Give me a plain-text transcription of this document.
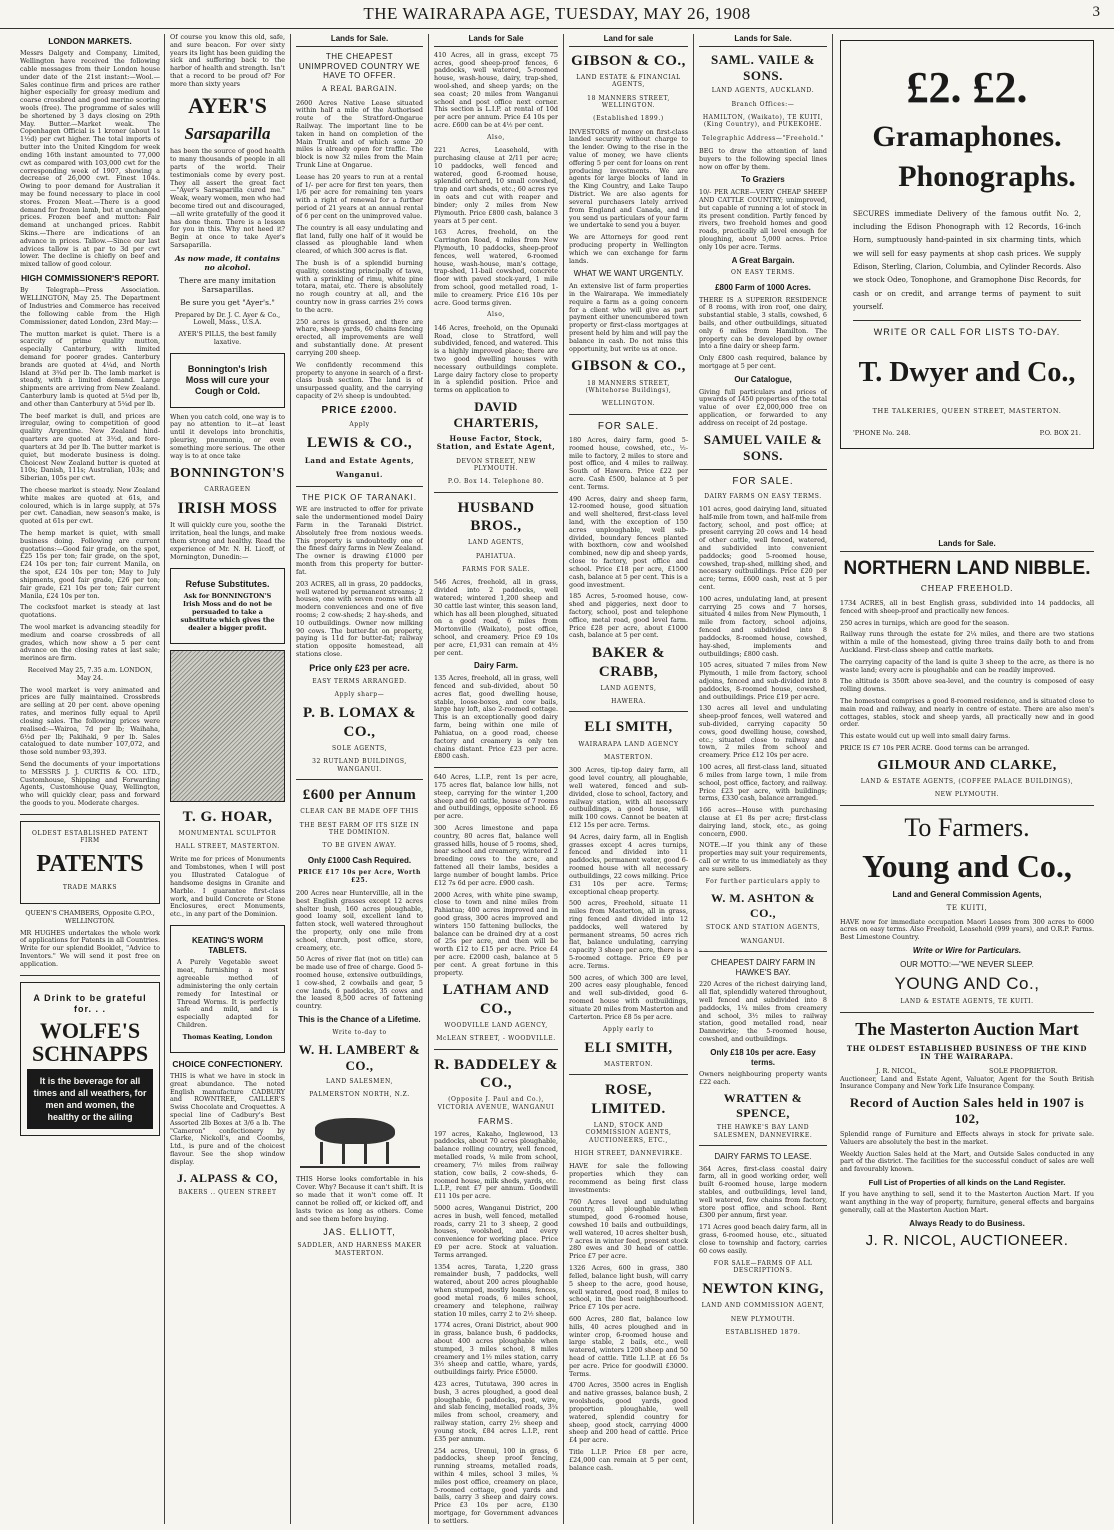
THE WAIRARAPA AGE, TUESDAY, MAY 26, 1908	3
LONDON MARKETS.

Messrs Dalgety and Company, Limited, Wellington have received the following cable messages from their London house under date of the 21st instant:—Wool.—Sales continue firm and prices are rather higher especially for greasy medium and coarse crossbred and good merino scoring wools (free). The programme of sales will be shortened by 3 days closing on 29th May. Butter.—Market weak. The Copenhagen Official is 1 kroner (about 1s 1½d) per cwt higher. The total imports of butter into the United Kingdom for week ending 16th instant amounted to 77,000 cwt as compared with 103,000 cwt for the corresponding week of 1907, showing a decrease of 26,000 cwt. Finest 104s. Owing to poor demand for Australian it may be found necessary to place in cool stores. Frozen Meat.—There is a good demand for frozen lamb, but at unchanged prices. Frozen beef and mutton: Fair demand at unchanged prices. Rabbit Skins.—There are indications of an advance in prices. Tallow.—Since our last advices tallow is at par to 3d per cwt lower. The decline is chiefly on beef and mixed tallow of good colour.

HIGH COMMISSIONER'S REPORT.

By Telegraph—Press Association. WELLINGTON, May 25. The Department of Industries and Commerce has received the following cable from the High Commissioner, dated London, 23rd May:—

The mutton market is quiet. There is a scarcity of prime quality mutton, especially Canterbury, with limited demand for poorer grades. Canterbury brands are quoted at 4¼d, and North Island at 3¾d per lb. The lamb market is steady, with a limited demand. Large shipments are arriving from New Zealand. Canterbury lamb is quoted at 5¼d per lb, and other than Canterbury at 5¼d per lb.

The beef market is dull, and prices are irregular, owing to competition of good quality Argentine. New Zealand hind-quarters are quoted at 3½d, and fore-quarters at 3d per lb. The butter market is quiet, but moderate business is doing. Choicest New Zealand butter is quoted at 110s; Danish, 111s; Australian, 103s; and Siberian, 105s per cwt.

The cheese market is steady. New Zealand white makes are quoted at 61s, and coloured, which is in large supply, at 57s per cwt. Canadian, new season's make, is quoted at 61s per cwt.

The hemp market is quiet, with small business doing. Following are current quotations:—Good fair grade, on the spot, £25 15s per ton; fair grade, on the spot, £24 10s per ton; fair current Manila, on the spot, £24 10s per ton; May to July shipments, good fair grade, £26 per ton; fair grade, £21 10s per ton; fair current Manila, £24 10s per ton.

The cocksfoot market is steady at last quotations.

The wool market is advancing steadily for medium and coarse crossbreds of all grades, which now show a 5 per cent advance on the closing rates at last sale; merinos are firm.

Received May 25, 7.35 a.m. LONDON, May 24.

The wool market is very animated and prices are fully maintained. Crossbreds are selling at 20 per cent. above opening rates, and merinos fully equal to April closing sales. The following prices were realised:—Wairoa, 7d per lb; Waihaha, 6½d per lb; Pakihaki, 9 per lb. Sales catalogued to date number 107,072, and those sold number 93,393.

Send the documents of your importations to MESSRS J. J. CURTIS & CO. LTD., Customhouse, Shipping and Forwarding Agents, Customhouse Quay, Wellington, who will quickly clear, pass and forward the goods to you. Moderate charges.

OLDEST ESTABLISHED PATENT FIRM
PATENTS
TRADE MARKS

QUEEN'S CHAMBERS, Opposite G.P.O., WELLINGTON.

MR HUGHES undertakes the whole work of applications for Patents in all Countries. Write for our splendid Booklet, "Advice to Inventors." We will send it post free on application.

A Drink to be grateful for. . .
WOLFE'S SCHNAPPS
It is the beverage for all times and all weathers, for men and women, the healthy or the ailing

Of course you know this old, safe, and sure beacon. For over sixty years its light has been guiding the sick and suffering back to the harbor of health and strength. Isn't that a record to be proud of? For more than sixty years

AYER'S
Sarsaparilla

has been the source of good health to many thousands of people in all parts of the world. Their testimonials come by every post. They all assert the great fact—"Ayer's Sarsaparilla cured me." Weak, weary women, men who had become tired out and discouraged,—all write gratefully of the good it has done them. There is a lesson for you in this. Why not heed it? Begin at once to take Ayer's Sarsaparilla.

As now made, it contains no alcohol.

There are many imitation Sarsaparillas.

Be sure you get "Ayer's."

Prepared by Dr. J. C. Ayer & Co., Lowell, Mass., U.S.A.

AYER'S PILLS, the best family laxative.

Bonnington's Irish Moss will cure your Cough or Cold.

When you catch cold, one way is to pay no attention to it—at least until it develops into bronchitis, pleurisy, pneumonia, or even something more serious. The other way is to at once take

BONNINGTON'S
CARRAGEEN
IRISH MOSS

It will quickly cure you, soothe the irritation, heal the lungs, and make them strong and healthy. Read the experience of Mr. N. H. Licoff, of Mornington, Dunedin:—

Refuse Substitutes.

Ask for BONNINGTON'S Irish Moss and do not be persuaded to take a substitute which gives the dealer a bigger profit.

T. G. HOAR,
MONUMENTAL SCULPTOR
HALL STREET, MASTERTON.

Write me for prices of Monuments and Tombstones, when I will post you Illustrated Catalogue of handsome designs in Granite and Marble. I guarantee first-class work, and build Concrete or Stone Enclosures, erect Monuments, etc., in any part of the Dominion.

KEATING'S WORM TABLETS.

A Purely Vegetable sweet meat, furnishing a most agreeable method of administering the only certain remedy for Intestinal or Thread Worms. It is perfectly safe and mild, and is especially adapted for Children.

Thomas Keating, London

CHOICE CONFECTIONERY.

THIS is what we have in stock in great abundance. The noted English manufacture CADBURY and ROWNTREE, CAILLER'S Swiss Chocolate and Croquettes. A special line of Cadbury's Best Assorted 2lb Boxes at 3/6 a lb. The "Cameron" confectionery by Clarke, Nickoll's, and Coombs, Ltd., is pure and of the choicest flavour. See the shop window display.

J. ALPASS & CO,
BAKERS .. QUEEN STREET
Lands for Sale.
THE CHEAPEST UNIMPROVED COUNTRY WE HAVE TO OFFER.
A REAL BARGAIN.

2600 Acres Native Lease situated within half a mile of the Authorised route of the Stratford-Ongarue Railway. The important line to be taken in hand on completion of the Main Trunk and of which some 20 miles is already open for traffic. The block is now 32 miles from the Main Trunk Line at Ongarue.

Lease has 20 years to run at a rental of 1/- per acre for first ten years, then 1/6 per acre for remaining ten years with a right of renewal for a further period of 21 years at an annual rental of 6 per cent on the unimproved value.

The country is all easy undulating and flat land, fully one half of it would be classed as ploughable land when cleared, of which 300 acres is flat.

The bush is of a splendid burning quality, consisting principally of tawa, with a sprinkling of rimu, white pine totara, matai, etc. There is absolutely no rough country at all, and the country now in grass carries 2½ cows to the acre.

250 acres is grassed, and there are whare, sheep yards, 60 chains fencing erected, all improvements are well and substantially done. At present carrying 200 sheep.

We confidently recommend this property to anyone in search of a first-class bush section. The land is of unsurpassed quality, and the carrying capacity of 2½ sheep is undoubted.

PRICE £2000.
Apply
LEWIS & CO.,
Land and Estate Agents,
Wanganui.
THE PICK OF TARANAKI.

WE are instructed to offer for private sale the undermentioned model Dairy Farm in the Taranaki District. Absolutely free from noxious weeds. This property is undoubtedly one of the finest dairy farms in New Zealand. The owner is drawing £1000 per month from this property for butter-fat.

203 ACRES, all in grass, 20 paddocks, well watered by permanent streams; 2 houses, one with seven rooms with all modern conveniences and one of five rooms; 2 cow-sheds; 2 hay-sheds, and 10 outbuildings. Owner now milking 90 cows. The butter-fat on property, paying is 11d for butter-fat; railway station opposite homestead, all stations close.

Price only £23 per acre.
EASY TERMS ARRANGED.
Apply sharp—
P. B. LOMAX & CO.,
SOLE AGENTS,
32 RUTLAND BUILDINGS, WANGANUI.
£600 per Annum
CLEAR CAN BE MADE OFF THIS
THE BEST FARM OF ITS SIZE IN THE DOMINION.
TO BE GIVEN AWAY.
Only £1000 Cash Required.
PRICE £17 10s per Acre, Worth £25.

200 Acres near Huntervillle, all in the best English grasses except 12 acres shelter bush, 160 acres ploughable, good loamy soil, excellent land to fatten stock, well watered throughout the property, only one mile from school, church, post office, store, creamery, etc.

50 Acres of river flat (not on title) can be made use of free of charge. Good 5-roomed house, extensive outbuildings, 1 cow-shed, 2 cowbails and gear, 5 cow lands, 6 paddocks, 35 cows and the leased 8,500 acres of fattening country.

This is the Chance of a Lifetime.
Write to-day to
W. H. LAMBERT & CO.,
LAND SALESMEN,
PALMERSTON NORTH, N.Z.

THIS Horse looks comfortable in his Cover. Why? Because it can't shift. It is so made that it won't come off. It cannot be rolled off, or kicked off, and lasts twice as long as others. Come and see them before buying.

JAS. ELLIOTT,
SADDLER, AND HARNESS MAKER MASTERTON.
Lands for Sale

410 Acres, all in grass, except 75 acres, good sheep-proof fences, 6 paddocks, well watered, 5-roomed house, wash-house, dairy, trap-shed, wool-shed, and sheep yards; on the sea coast; 20 miles from Wanganui school and post office next corner. This section is L.I.P. at rental of 10d per acre per annum. Price £4 10s per acre. £600 can be at 4½ per cent.

Also,

221 Acres, Leasehold, with purchasing clause at 2/11 per acre; 10 paddocks, well fenced and watered, good 6-roomed house, splendid orchard, 10 small cowshed, trap and cart sheds, etc.; 60 acres rye in oats and cut with reaper and binder; only 2 miles from New Plymouth. Price £800 cash, balance 3 years at 5 per cent.

163 Acres, freehold, on the Carrington Road, 4 miles from New Plymouth, 10 paddocks, sheep-proof fences, well watered, 6-roomed house, wash-house, man's cottage, trap-shed, 11-bail cowshed, concrete floor with paved stock-yard, 1 mile from school, good metalled road, 1-mile to creamery. Price £16 10s per acre. Good terms given.

Also,

146 Acres, freehold, on the Opunaki Road, close to Stratford, well subdivided, fenced, and watered. This is a highly improved place; there are two good dwelling houses with necessary outbuildings complete. Large dairy factory close to property in a splendid position. Price and terms on application to

DAVID CHARTERIS,
House Factor, Stock, Station, and Estate Agent,
DEVON STREET, NEW PLYMOUTH.
P.O. Box 14. Telephone 80.
HUSBAND BROS.,
LAND AGENTS,
PAHIATUA.
FARMS FOR SALE.

546 Acres, freehold, all in grass, divided into 2 paddocks, well watered; wintered 1,200 sheep and 30 cattle last winter, this season land, which has all been ploughed, situated on a good road, 6 miles from Mortonville (Waikato), post office, school, and creamery. Price £9 10s per acre, £1,931 can remain at 4½ per cent.

Dairy Farm.

135 Acres, freehold, all in grass, well fenced and sub-divided, about 50 acres flat, good dwelling house, stable, loose-boxes, and cow bails, large hay loft, also 2-roomed cottage. This is an exceptionally good dairy farm, being within one mile of Pahiatua, on a good road, cheese factory and creamery is only ten chains distant. Price £23 per acre. £800 cash.

640 Acres, L.I.P., rent 1s per acre, 175 acres flat, balance low hills, not steep, carrying for the winter 1,200 sheep and 60 cattle, house of 7 rooms and outbuildings, opposite school. £6 per acre.

300 Acres limestone and papa country, 80 acres flat, balance well grassed hills, house of 5 rooms, shed, near school and creamery, wintered 2 breeding cows to the acre, and fattened all their lambs, besides a large number of bought lambs. Price £12 7s 6d per acre. £900 cash.

2000 Acres, with white pine swamp, close to town and nine miles from Pahiatua; 400 acres improved and in good grass, 300 acres improved and winters 150 fattening bullocks, the balance can be drained dry at a cost of 25s per acre, and then will be worth £12 to £15 per acre. Price £4 per acre. £2000 cash, balance at 5 per cent. A great fortune in this property.

LATHAM AND CO.,
WOODVILLE LAND AGENCY,
McLEAN STREET, - WOODVILLE.
R. BADDELEY & CO.,
(Opposite J. Paul and Co.), VICTORIA AVENUE, WANGANUI
FARMS.

197 acres, Kakaho, Inglewood, 13 paddocks, about 70 acres ploughable, balance rolling country, well fenced, metalled roads, ¼ mile from school, creamery, 7½ miles from railway station, cow bails, 2 cow-sheds, 6-roomed house, milk sheds, yards, etc. L.I.P., rent £7 per annum. Goodwill £11 10s per acre.

5000 acres, Wanganui District, 200 acres in bush, well fenced, metalled roads, carry 21 to 3 sheep, 2 good houses, woolshed, and every convenience for working place. Price £9 per acre. Stock at valuation. Terms arranged.

1354 acres, Tarata, 1,220 grass remainder bush, 7 paddocks, well watered, about 200 acres ploughable when stumped, mostly loams, fences, good metal roads, 6 miles school, creamery and telephone, railway station 10 miles, carry 2 to 2½ sheep.

1774 acres, Orani District, about 900 in grass, balance bush, 6 paddocks, about 400 acres ploughable when stumped, 3 miles school, 8 miles creamery and 1½ miles station, carry 3½ sheep and cattle, whare, yards, outbuildings fairly. Price £5000.

423 acres, Tututawa, 390 acres in bush, 3 acres ploughed, a good deal ploughable, 6 paddocks, post, wire, and slab fencing, metalled roads, 3¼ miles from school, creamery, and railway station, carry 2½ sheep and young stock, £84 acres L.I.P., rent £35 per annum.

254 acres, Urenui, 100 in grass, 6 paddocks, sheep proof fencing, running streams, metalled roads, within 4 miles, school 3 miles, ¼ miles post office, creamery on place, 5-roomed cottage, good yards and bails, carry 3 sheep and dairy cows. Price £3 10s per acre, £130 mortgage, for Government advances to settlers.

Land for sale
GIBSON & CO.,
LAND ESTATE & FINANCIAL AGENTS,
18 MANNERS STREET, WELLINGTON.
(Established 1899.)

INVESTORS of money on first-class landed security without charge to the lender. Owing to the rise in the value of money, we have clients offering 5 per cent for loans on rent producing investments. We are agents for large blocks of land in the King Country, and Lake Taupo District. We are also agents for several purchasers lately arrived from England and Canada, and if you send us particulars of your farm we undertake to send you a buyer.

We are Attorneys for good rent producing property in Wellington which we can exchange for farm lands.

WHAT WE WANT URGENTLY.

An extensive list of farm properties in the Wairarapa. We immediately require a farm as a going concern for a client who will give as part payment either unencumbered town property or first-class mortgages at present held by him and will pay the balance in cash. Do not miss this opportunity, but write us at once.

GIBSON & CO.,
18 MANNERS STREET, (Whitehorse Buildings),
WELLINGTON.
FOR SALE.

180 Acres, dairy farm, good 5-roomed house, cowshed, etc., ½-mile to factory, 2 miles to store and post office, and 4 miles to railway. South of Hawera. Price £22 per acre. Cash £500, balance at 5 per cent. Terms.

490 Acres, dairy and sheep farm, 12-roomed house, good situation and well sheltered, first-class level land, with the exception of 150 acres unploughable, well sub-divided, boundary fences planted with boxthorn, cow and woolshed combined, new dip and sheep yards, close to factory, post office and school. Price £18 per acre, £1500 cash, balance at 5 per cent. This is a good investment.

185 Acres, 5-roomed house, cow-shed and piggeries, next door to factory, school, post and telephone office, metal road, good level farm. Price £28 per acre, about £1000 cash, balance at 5 per cent.

BAKER & CRABB,
LAND AGENTS,
HAWERA.
ELI SMITH,
WAIRARAPA LAND AGENCY
MASTERTON.

300 Acres, tip-top dairy farm, all good level country, all ploughable, well watered, fenced and sub-divided, close to school, factory, and railway station, with all necessary outbuildings, a good house, will milk 100 cows. Cannot be beaten at £12 15s per acre. Terms.

94 Acres, dairy farm, all in English grasses except 4 acres turnips, fenced and divided into 11 paddocks, permanent water, good 6-roomed house with all necessary outbuildings, 22 cows milking. Price £31 10s per acre. Terms; exceptional cheap property.

500 acres, Freehold, situate 11 miles from Masterton, all in grass, ring fenced and divided into 12 paddocks, well watered by permanent streams, 50 acres rich flat, balance undulating, carrying capacity 3 sheep per acre, there is a 5-roomed cottage. Price £9 per acre. Terms.

500 acres, of which 300 are level, 200 acres easy ploughable, fenced and well sub-divided, good 6-roomed house with outbuildings, situate 20 miles from Masterton and Carterton. Price £8 5s per acre.

Apply early to
ELI SMITH,
MASTERTON.
ROSE, LIMITED.
LAND, STOCK AND COMMISSION AGENTS, AUCTIONEERS, ETC.,
HIGH STREET, DANNEVIRKE.

HAVE for sale the following properties which they can recommend as being first class investments:

760 Acres level and undulating country, all ploughable when stumped, good 6-roomed house, cowshed 10 bails and outbuildings, well watered, 10 acres shelter bush, 7 acres in winter feed, present stock 280 ewes and 30 head of cattle. Price £7 per acre.

1326 Acres, 600 in grass, 380 felled, balance light bush, will carry 5 sheep to the acre, good house, well watered, good road, 8 miles to school, in the best neighbourhood. Price £7 10s per acre.

600 Acres, 280 flat, balance low hills, 40 acres ploughed and in winter crop, 6-roomed house and large stable, 2 bails, etc., well watered, winters 1200 sheep and 50 head of cattle. Title L.I.P. at £6 5s per acre. Price for goodwill £3000. Terms.

4700 Acres, 3500 acres in English and native grasses, balance bush, 2 woolsheds, good yards, good proportion ploughable, well watered, splendid country for sheep, good stock, carrying 4000 sheep and 200 head of cattle. Price £4 per acre.

Title L.I.P. Price £8 per acre, £24,000 can remain at 5 per cent, balance cash.

Lands for Sale.
SAML. VAILE & SONS.
LAND AGENTS, AUCKLAND.
Branch Offices:—
HAMILTON, (Waikato), TE KUITI, (King Country), and PUKEKOHE.
Telegraphic Address—"Freehold."

BEG to draw the attention of land buyers to the following special lines now on offer by them.

To Graziers

10/- PER ACRE—VERY CHEAP SHEEP AND CATTLE COUNTRY; unimproved, but capable of running a lot of stock in its present condition. Partly fenced by rivers, two freehold homes and good roads, practically all level enough for ploughing, about 5,000 acres. Price only 10s per acre. Terms.

A Great Bargain.
ON EASY TERMS.
£800 Farm of 1000 Acres.

THERE IS A SUPERIOR RESIDENCE of 8 rooms, with iron roof, one dairy, substantial stable, 3 stalls, cowshed, 6 bails, and other outbuildings, situated only 6 miles from Hamilton. The property can be developed by owner into a fine dairy or sheep farm.

Only £800 cash required, balance by mortgage at 5 per cent.

Our Catalogue,

Giving full particulars and prices of upwards of 1450 properties of the total value of over £2,000,000 free on application, or forwarded to any address on receipt of 2d postage.

SAMUEL VAILE & SONS.
FOR SALE.
DAIRY FARMS ON EASY TERMS.

101 acres, good dairying land, situated half-mile from town, and half-mile from factory, school, and post office; at present carrying 20 cows and 14 head of other cattle, well fenced, watered, and subdivided into convenient paddocks; good 5-roomed house, cowshed, trap-shed, milking shed, and necessary outbuildings. Price £20 per acre; terms, £600 cash, rest at 5 per cent.

100 acres, undulating land, at present carrying 25 cows and 7 horses, situated 4 miles from New Plymouth, 1 mile from factory, school adjoins, fenced and subdivided into 8 paddocks, 8-roomed house, cowshed, hay-shed, implements and outbuildings; £800 cash.

105 acres, situated 7 miles from New Plymouth, 1 mile from factory, school adjoins, fenced and sub-divided into 8 paddocks, 8-roomed house, cowshed, and outbuildings. Price £19 per acre.

130 acres all level and undulating sheep-proof fences, well watered and sub-divided, carrying capacity 50 cows, good dwelling house, cowshed, etc.; situated close to railway and town, 2 miles from school and creamery. Price £12 10s per acre.

100 acres, all first-class land, situated 6 miles from large town, 1 mile from school, post office, factory, and railway. Price £23 per acre, with buildings; terms, £330 cash, balance arranged.

166 acres—House with purchasing clause at £1 8s per acre; first-class dairying land, stock, etc., as going concern, £900.

NOTE.—If you think any of these properties may suit your requirements, call or write to us immediately as they are sure sellers.

For further particulars apply to
W. M. ASHTON & CO.,
STOCK AND STATION AGENTS,
WANGANUI.
CHEAPEST DAIRY FARM IN HAWKE'S BAY.

220 Acres of the richest dairying land, all flat, splendidly watered throughout, well fenced and subdivided into 8 paddocks, 1¼ miles from creamery and school, 3½ miles to railway station, good metalled road, near Dannevirke; the 5-roomed house, cowshed, and outbuildings.

Only £18 10s per acre. Easy terms.

Owners neighbouring property wants £22 each.

WRATTEN & SPENCE,
THE HAWKE'S BAY LAND SALESMEN, DANNEVIRKE.
DAIRY FARMS TO LEASE.

364 Acres, first-class coastal dairy farm, all in good working order, well built 6-roomed house, large modern stables, and outbuildings, level land, well watered, few chains from factory, store post office, and school. Rent £300 per annum, first year.

171 Acres good beach dairy farm, all in grass, 6-roomed house, etc., situated close to township and factory, carries 60 cows easily.

FOR SALE—FARMS OF ALL DESCRIPTIONS.
NEWTON KING,
LAND AND COMMISSION AGENT,
NEW PLYMOUTH.
ESTABLISHED 1879.
£2. £2.
Gramaphones.
Phonographs.

SECURES immediate Delivery of the famous outfit No. 2, including the Edison Phonograph with 12 Records, 16-inch Horn, sumptuously hand-painted in six charming tints, which we will sell for easy payments at shop cash prices. We supply Edison, Sterling, Clarion, Columbia, and Cylinder Records. Also we stock Odeo, Tonophone, and Gramophone Disc Records, for cash or on credit, and arrange terms of payment to suit yourself.

WRITE OR CALL FOR LISTS TO-DAY.
T. Dwyer and Co.,
THE TALKERIES, QUEEN STREET, MASTERTON.
'PHONE No. 248.	P.O. BOX 21.
Lands for Sale.
NORTHERN LAND NIBBLE.
CHEAP FREEHOLD.

1734 ACRES, all in best English grass, subdivided into 14 paddocks, all fenced with sheep-proof and practically new fences.

250 acres in turnips, which are good for the season.

Railway runs through the estate for 2¼ miles, and there are two stations within a mile of the homestead, giving three trains daily both to and from Auckland. First-class sheep and cattle markets.

The carrying capacity of the land is quite 3 sheep to the acre, as there is no waste land; every acre is ploughable and can be readily improved.

The altitude is 350ft above sea-level, and the country is composed of easy rolling downs.

The homestead comprises a good 8-roomed residence, and is situated close to main road and railway, and nearly in centre of estate. There are also men's cottages, stables, stock and sheep yards, all practically new and in good order.

This estate would cut up well into small dairy farms.

PRICE IS £7 10s PER ACRE. Good terms can be arranged.

GILMOUR AND CLARKE,
LAND & ESTATE AGENTS, (COFFEE PALACE BUILDINGS),
NEW PLYMOUTH.
To Farmers.
Young and Co.,
Land and General Commission Agents,
TE KUITI,

HAVE now for immediate occupation Maori Leases from 300 acres to 6000 acres on easy terms. Also Freehold, Leasehold (999 years), and O.R.P. Farms. Best Limestone Country.

Write or Wire for Particulars.
OUR MOTTO:—"WE NEVER SLEEP.
YOUNG AND Co.,
LAND & ESTATE AGENTS, TE KUITI.
The Masterton Auction Mart
THE OLDEST ESTABLISHED BUSINESS OF THE KIND IN THE WAIRARAPA.
J. R. NICOL,	SOLE PROPRIETOR.

Auctioneer, Land and Estate Agent, Valuator, Agent for the South British Insurance Company and New York Life Insurance Company.

Record of Auction Sales held in 1907 is 102,

Splendid range of Furniture and Effects always in stock for private sale. Valuers are absolutely the best in the market.

Weekly Auction Sales held at the Mart, and Outside Sales conducted in any part of the district. The facilities for the successful conduct of sales are well and favourably known.

Full List of Properties of all kinds on the Land Register.

If you have anything to sell, send it to the Masterton Auction Mart. If you want anything in the way of property, furniture, general effects and bargains generally, call at the Masterton Auction Mart.

Always Ready to do Business.
J. R. NICOL, AUCTIONEER.
